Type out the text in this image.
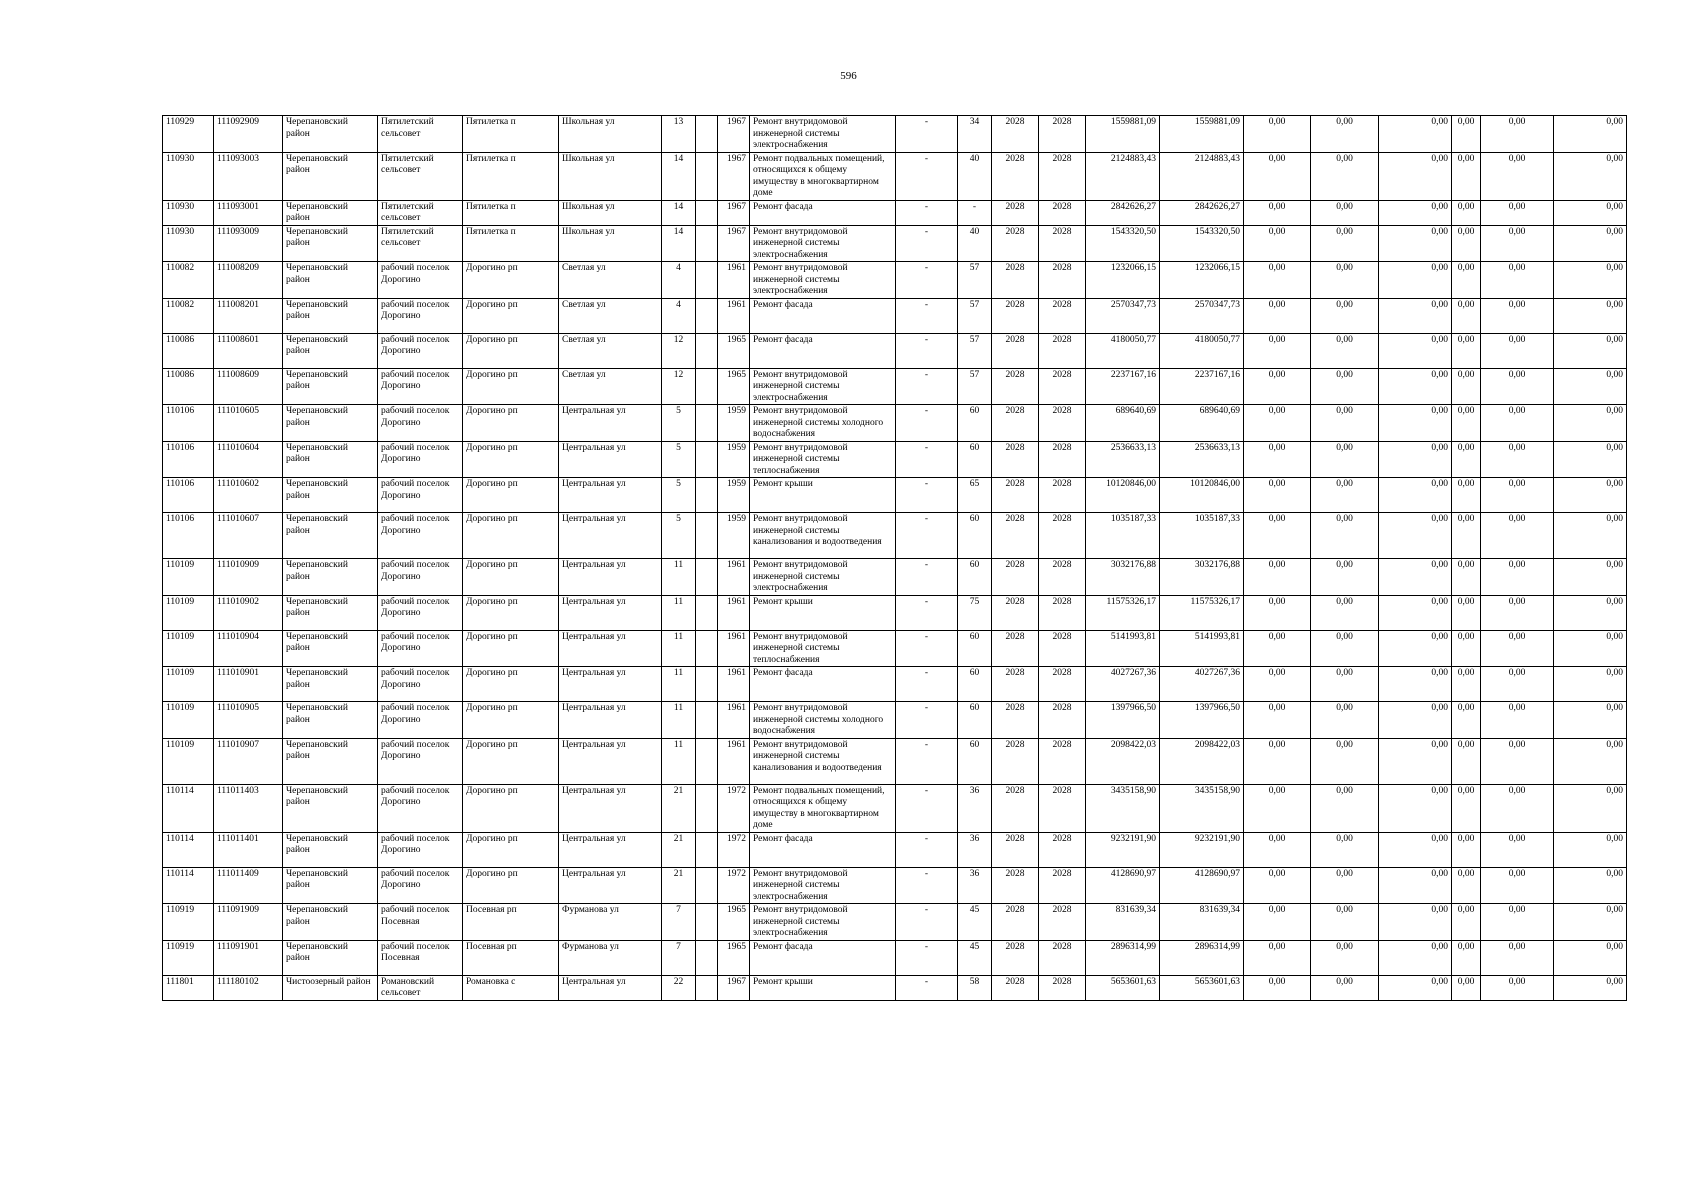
596
110929	111092909	Черепановский район	Пятилетский сельсовет	Пятилетка п	Школьная ул	13		1967	Ремонт внутридомовой инженерной системы электроснабжения	-	34	2028	2028	1559881,09	1559881,09	0,00	0,00	0,00	0,00	0,00	0,00
110930	111093003	Черепановский район	Пятилетский сельсовет	Пятилетка п	Школьная ул	14		1967	Ремонт подвальных помещений, относящихся к общему имуществу в многоквартирном доме	-	40	2028	2028	2124883,43	2124883,43	0,00	0,00	0,00	0,00	0,00	0,00
110930	111093001	Черепановский район	Пятилетский сельсовет	Пятилетка п	Школьная ул	14		1967	Ремонт фасада	-	-	2028	2028	2842626,27	2842626,27	0,00	0,00	0,00	0,00	0,00	0,00
110930	111093009	Черепановский район	Пятилетский сельсовет	Пятилетка п	Школьная ул	14		1967	Ремонт внутридомовой инженерной системы электроснабжения	-	40	2028	2028	1543320,50	1543320,50	0,00	0,00	0,00	0,00	0,00	0,00
110082	111008209	Черепановский район	рабочий поселок Дорогино	Дорогино рп	Светлая ул	4		1961	Ремонт внутридомовой инженерной системы электроснабжения	-	57	2028	2028	1232066,15	1232066,15	0,00	0,00	0,00	0,00	0,00	0,00
110082	111008201	Черепановский район	рабочий поселок Дорогино	Дорогино рп	Светлая ул	4		1961	Ремонт фасада	-	57	2028	2028	2570347,73	2570347,73	0,00	0,00	0,00	0,00	0,00	0,00
110086	111008601	Черепановский район	рабочий поселок Дорогино	Дорогино рп	Светлая ул	12		1965	Ремонт фасада	-	57	2028	2028	4180050,77	4180050,77	0,00	0,00	0,00	0,00	0,00	0,00
110086	111008609	Черепановский район	рабочий поселок Дорогино	Дорогино рп	Светлая ул	12		1965	Ремонт внутридомовой инженерной системы электроснабжения	-	57	2028	2028	2237167,16	2237167,16	0,00	0,00	0,00	0,00	0,00	0,00
110106	111010605	Черепановский район	рабочий поселок Дорогино	Дорогино рп	Центральная ул	5		1959	Ремонт внутридомовой инженерной системы холодного водоснабжения	-	60	2028	2028	689640,69	689640,69	0,00	0,00	0,00	0,00	0,00	0,00
110106	111010604	Черепановский район	рабочий поселок Дорогино	Дорогино рп	Центральная ул	5		1959	Ремонт внутридомовой инженерной системы теплоснабжения	-	60	2028	2028	2536633,13	2536633,13	0,00	0,00	0,00	0,00	0,00	0,00
110106	111010602	Черепановский район	рабочий поселок Дорогино	Дорогино рп	Центральная ул	5		1959	Ремонт крыши	-	65	2028	2028	10120846,00	10120846,00	0,00	0,00	0,00	0,00	0,00	0,00
110106	111010607	Черепановский район	рабочий поселок Дорогино	Дорогино рп	Центральная ул	5		1959	Ремонт внутридомовой инженерной системы канализования и водоотведения	-	60	2028	2028	1035187,33	1035187,33	0,00	0,00	0,00	0,00	0,00	0,00
110109	111010909	Черепановский район	рабочий поселок Дорогино	Дорогино рп	Центральная ул	11		1961	Ремонт внутридомовой инженерной системы электроснабжения	-	60	2028	2028	3032176,88	3032176,88	0,00	0,00	0,00	0,00	0,00	0,00
110109	111010902	Черепановский район	рабочий поселок Дорогино	Дорогино рп	Центральная ул	11		1961	Ремонт крыши	-	75	2028	2028	11575326,17	11575326,17	0,00	0,00	0,00	0,00	0,00	0,00
110109	111010904	Черепановский район	рабочий поселок Дорогино	Дорогино рп	Центральная ул	11		1961	Ремонт внутридомовой инженерной системы теплоснабжения	-	60	2028	2028	5141993,81	5141993,81	0,00	0,00	0,00	0,00	0,00	0,00
110109	111010901	Черепановский район	рабочий поселок Дорогино	Дорогино рп	Центральная ул	11		1961	Ремонт фасада	-	60	2028	2028	4027267,36	4027267,36	0,00	0,00	0,00	0,00	0,00	0,00
110109	111010905	Черепановский район	рабочий поселок Дорогино	Дорогино рп	Центральная ул	11		1961	Ремонт внутридомовой инженерной системы холодного водоснабжения	-	60	2028	2028	1397966,50	1397966,50	0,00	0,00	0,00	0,00	0,00	0,00
110109	111010907	Черепановский район	рабочий поселок Дорогино	Дорогино рп	Центральная ул	11		1961	Ремонт внутридомовой инженерной системы канализования и водоотведения	-	60	2028	2028	2098422,03	2098422,03	0,00	0,00	0,00	0,00	0,00	0,00
110114	111011403	Черепановский район	рабочий поселок Дорогино	Дорогино рп	Центральная ул	21		1972	Ремонт подвальных помещений, относящихся к общему имуществу в многоквартирном доме	-	36	2028	2028	3435158,90	3435158,90	0,00	0,00	0,00	0,00	0,00	0,00
110114	111011401	Черепановский район	рабочий поселок Дорогино	Дорогино рп	Центральная ул	21		1972	Ремонт фасада	-	36	2028	2028	9232191,90	9232191,90	0,00	0,00	0,00	0,00	0,00	0,00
110114	111011409	Черепановский район	рабочий поселок Дорогино	Дорогино рп	Центральная ул	21		1972	Ремонт внутридомовой инженерной системы электроснабжения	-	36	2028	2028	4128690,97	4128690,97	0,00	0,00	0,00	0,00	0,00	0,00
110919	111091909	Черепановский район	рабочий поселок Посевная	Посевная рп	Фурманова ул	7		1965	Ремонт внутридомовой инженерной системы электроснабжения	-	45	2028	2028	831639,34	831639,34	0,00	0,00	0,00	0,00	0,00	0,00
110919	111091901	Черепановский район	рабочий поселок Посевная	Посевная рп	Фурманова ул	7		1965	Ремонт фасада	-	45	2028	2028	2896314,99	2896314,99	0,00	0,00	0,00	0,00	0,00	0,00
111801	111180102	Чистоозерный район	Романовский сельсовет	Романовка с	Центральная ул	22		1967	Ремонт крыши	-	58	2028	2028	5653601,63	5653601,63	0,00	0,00	0,00	0,00	0,00	0,00
